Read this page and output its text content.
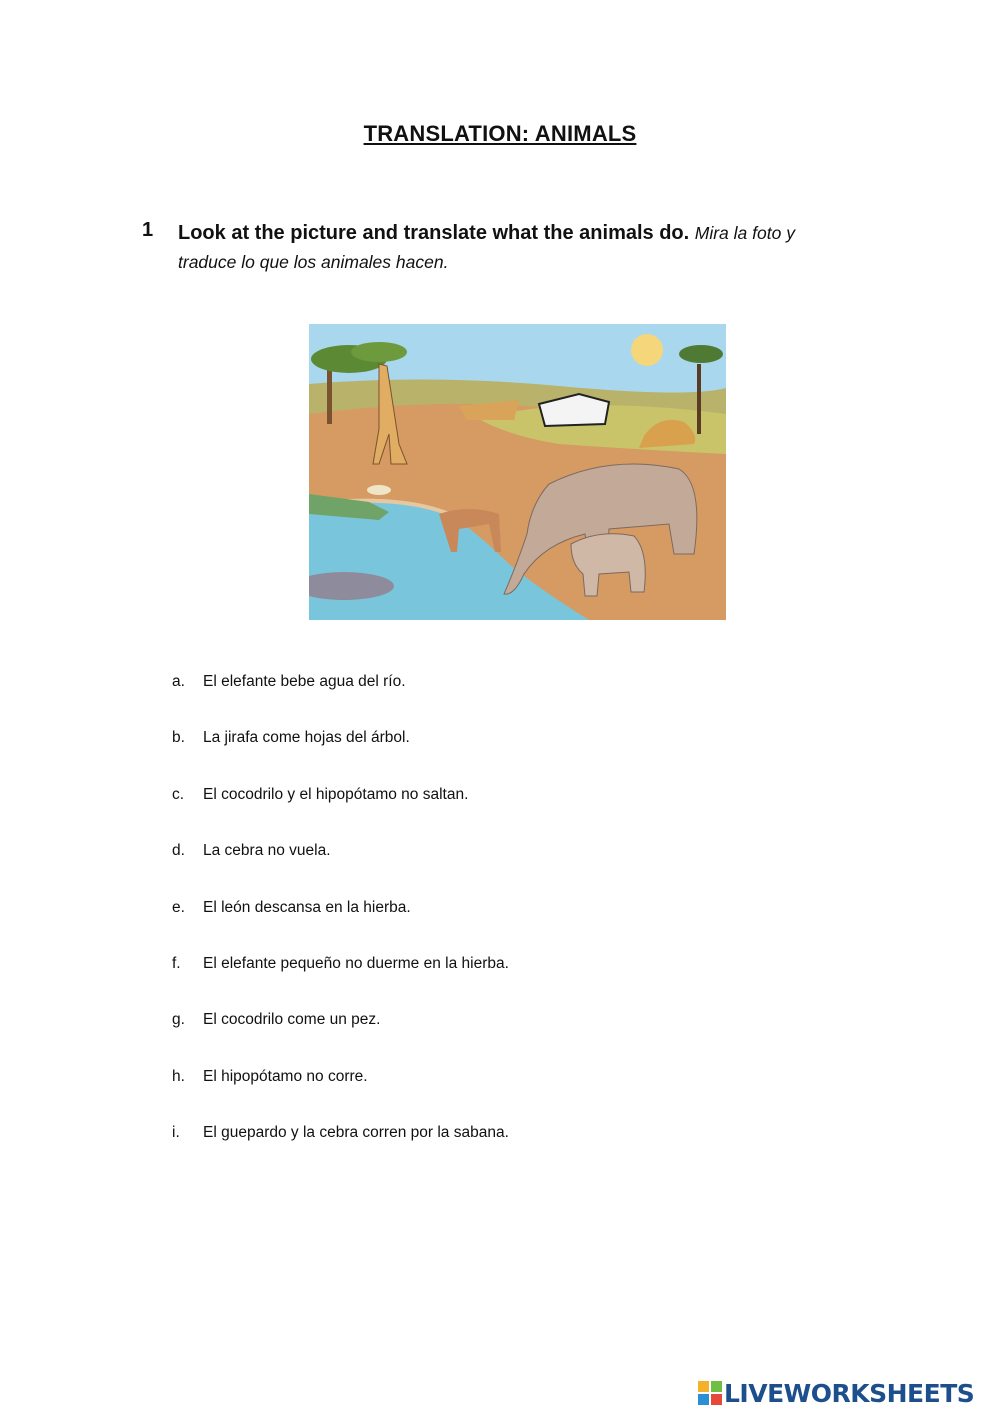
TRANSLATION: ANIMALS
1 Look at the picture and translate what the animals do. Mira la foto y traduce lo que los animales hacen.
a.	El elefante bebe agua del río.
b.	La jirafa come hojas del árbol.
c.	El cocodrilo y el hipopótamo no saltan.
d.	La cebra no vuela.
e.	El león descansa en la hierba.
f.	El elefante pequeño no duerme en la hierba.
g.	El cocodrilo come un pez.
h.	El hipopótamo no corre.
i.	El guepardo y la cebra corren por la sabana.
LIVEWORKSHEETS
